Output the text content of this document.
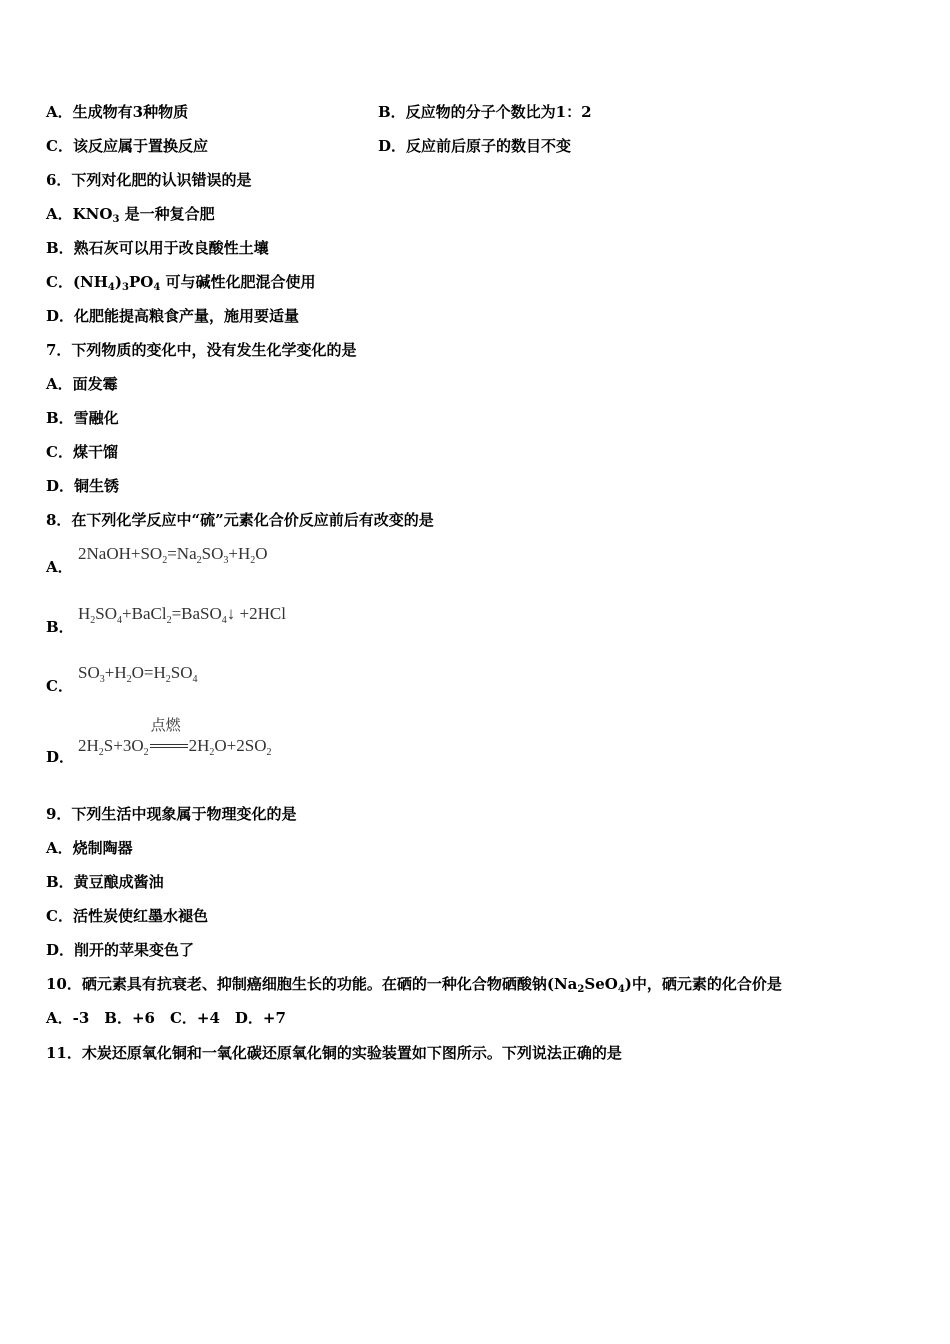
A．生成物有3种物质	B．反应物的分子个数比为1：2
C．该反应属于置换反应	D．反应前后原子的数目不变
6．下列对化肥的认识错误的是
A．$KNO_3$ 是一种复合肥
B．熟石灰可以用于改良酸性土壤
C．$(NH_4)_3PO_4$ 可与碱性化肥混合使用
D．化肥能提高粮食产量，施用要适量
7．下列物质的变化中，没有发生化学变化的是
A．面发霉
B．雪融化
C．煤干馏
D．铜生锈
8．在下列化学反应中“硫”元素化合价反应前后有改变的是
A．
$2NaOH+SO_2=Na_2SO_3+H_2O$
B．
$H_2SO_4+BaCl_2=BaSO_4↓ +2HCl$
C．
$SO_3+H_2O=H_2SO_4$
D．
$2H_2S+3O_2$
点燃
$2H_2O+2SO_2$
9．下列生活中现象属于物理变化的是
A．烧制陶器
B．黄豆酿成酱油
C．活性炭使红墨水褪色
D．削开的苹果变色了
10．硒元素具有抗衰老、抑制癌细胞生长的功能。在硒的一种化合物硒酸钠$(Na_2SeO_4)$中，硒元素的化合价是
A．-3　B．+6　C．+4　D．+7
11．木炭还原氧化铜和一氧化碳还原氧化铜的实验装置如下图所示。下列说法正确的是
